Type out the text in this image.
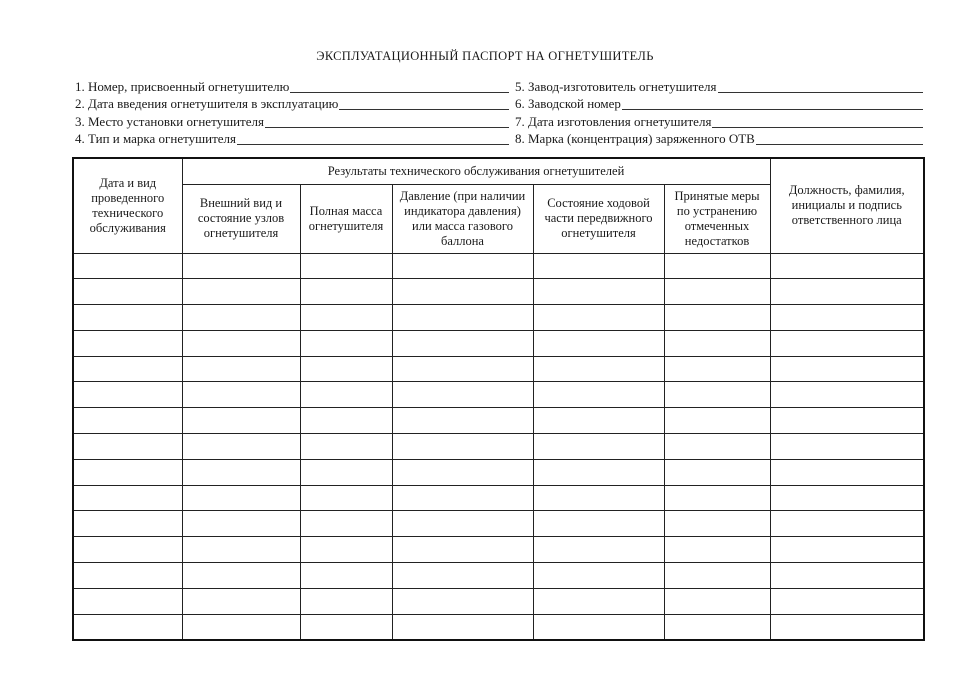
ЭКСПЛУАТАЦИОННЫЙ ПАСПОРТ НА ОГНЕТУШИТЕЛЬ
1. Номер, присвоенный огнетушителю
2. Дата введения огнетушителя в эксплуатацию
3. Место установки огнетушителя
4. Тип и марка огнетушителя
5. Завод-изготовитель огнетушителя
6. Заводской номер
7. Дата изготовления огнетушителя
8. Марка (концентрация) заряженного ОТВ
Дата и вид проведенного технического обслуживания	Результаты технического обслуживания огнетушителей					Должность, фамилия, инициалы и подпись ответственного лица

	Внешний вид и состояние узлов огнетушителя	Полная масса огнетушителя	Давление (при наличии индикатора давления) или масса газового баллона	Состояние ходовой части передвижного огнетушителя	Принятые меры по устранению отмеченных недостатков	
